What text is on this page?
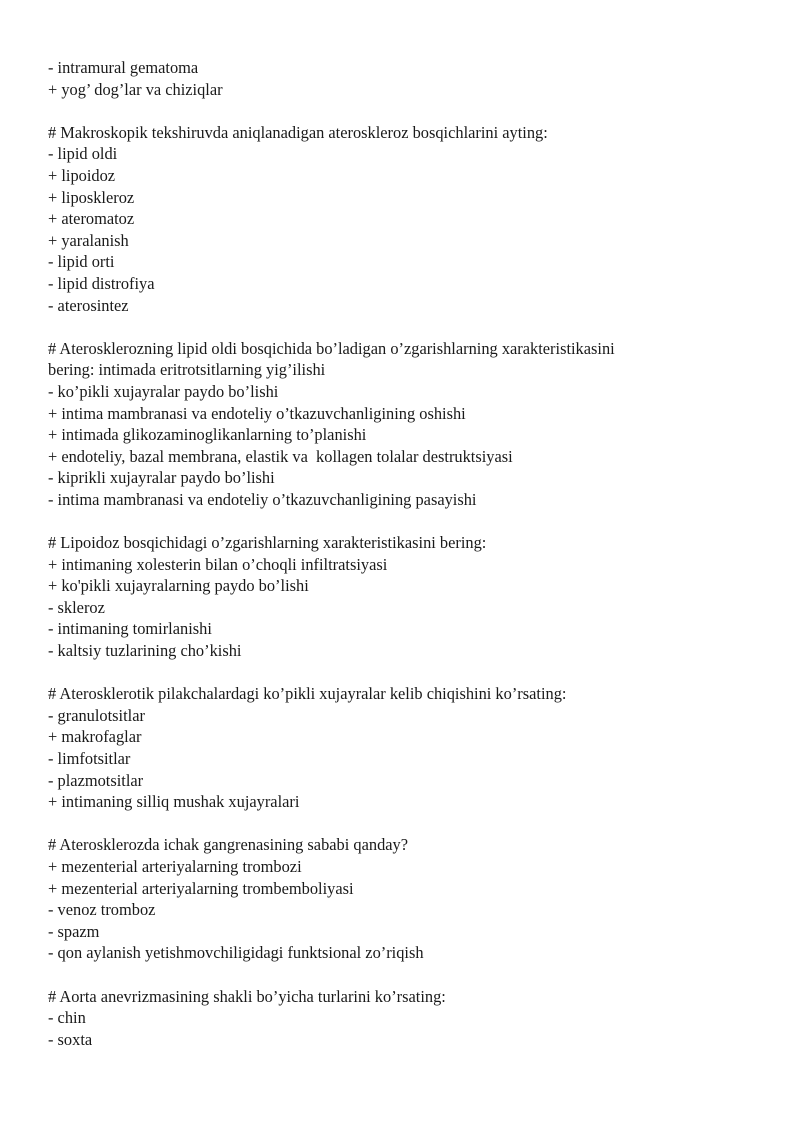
- intramural gematoma
+ yog’ dog’lar va chiziqlar
# Makroskopik tekshiruvda aniqlanadigan ateroskleroz bosqichlarini ayting:
- lipid oldi
+ lipoidoz
+ liposkleroz
+ ateromatoz
+ yaralanish
- lipid orti
- lipid distrofiya
- aterosintez
# Aterosklerozning lipid oldi bosqichida bo’ladigan o’zgarishlarning xarakteristikasini
bering: intimada eritrotsitlarning yig’ilishi
- ko’pikli xujayralar paydo bo’lishi
+ intima mambranasi va endoteliy o’tkazuvchanligining oshishi
+ intimada glikozaminoglikanlarning to’planishi
+ endoteliy, bazal membrana, elastik va  kollagen tolalar destruktsiyasi
- kiprikli xujayralar paydo bo’lishi
- intima mambranasi va endoteliy o’tkazuvchanligining pasayishi
# Lipoidoz bosqichidagi o’zgarishlarning xarakteristikasini bering:
+ intimaning xolesterin bilan o’choqli infiltratsiyasi
+ ko'pikli xujayralarning paydo bo’lishi
- skleroz
- intimaning tomirlanishi
- kaltsiy tuzlarining cho’kishi
# Aterosklerotik pilakchalardagi ko’pikli xujayralar kelib chiqishini ko’rsating:
- granulotsitlar
+ makrofaglar
- limfotsitlar
- plazmotsitlar
+ intimaning silliq mushak xujayralari
# Aterosklerozda ichak gangrenasining sababi qanday?
+ mezenterial arteriyalarning trombozi
+ mezenterial arteriyalarning trombemboliyasi
- venoz tromboz
- spazm
- qon aylanish yetishmovchiligidagi funktsional zo’riqish
# Aorta anevrizmasining shakli bo’yicha turlarini ko’rsating:
- chin
- soxta
